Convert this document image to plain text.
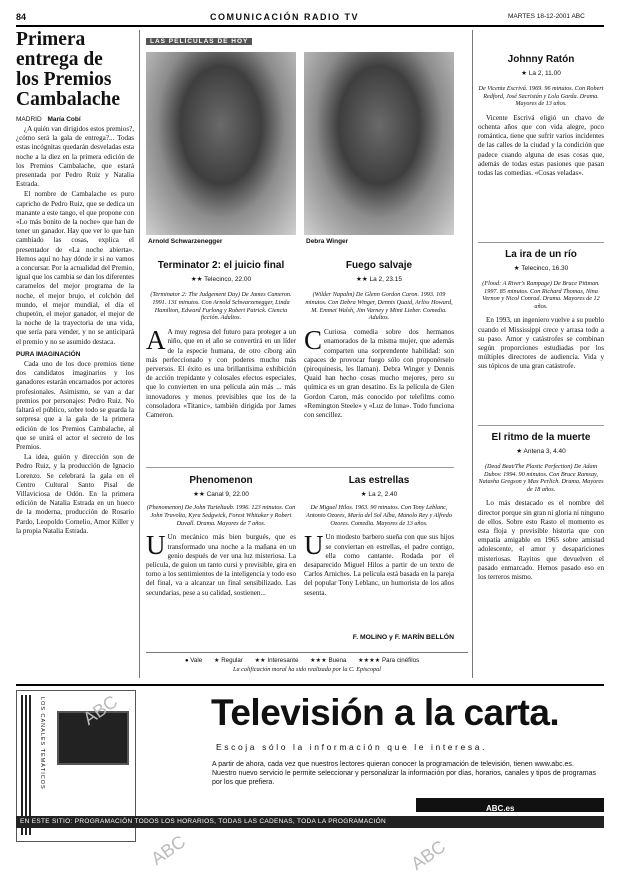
84	COMUNICACIÓN RADIO TV	MARTES 18-12-2001 ABC
Primera
entrega de
los Premios
Cambalache
MADRID María Cobí

¿A quién van dirigidos estos premios?, ¿cómo será la gala de entrega?... Todas estas incógnitas quedarán desveladas esta noche a la diez en la primera edición de los Premios Cambalache, que estará presentada por Pedro Ruiz y Natalia Estrada.

El nombre de Cambalache es puro capricho de Pedro Ruiz, que se dedica un manante a este tango, el que propone con «Lo más bonito de la noche» que han de tener un ganador. Hay que ver lo que han cambiado las cosas, explica el presentador de «La noche abierta». Hemos aquí no hay dónde ir si no vamos a concursar. Por la actualidad del Premio, igual que los cambia se dan los diferentes caramelos del mejor programa de la noche, el mejor brujo, el colchón del mundo, el mejor mundial, el día el chupetón, el mejor ganador, el mejor de la noche de la trayectoria de una vida, que sería para vender, y no se anticipará el premio y no se asumido destaca.

PURA IMAGINACIÓN

Cada uno de los doce premios tiene dos candidatos imaginarios y los ganadores estarán encarnados por actores profesionales. Asimismo, se van a dar premios por personajes: Pedro Ruiz. No faltará el público, sobre todo se guarda la sorpresa que a la gala de la primera edición de los Premios Cambalache, al que se unirá el actor el secreto de los Premios.

La idea, guión y dirección son de Pedro Ruiz, y la producción de Ignacio Lorenzo. Se celebrará la gala en el Centro Cultural Santo Pisal de Villaviciosa de Odón. En la primera edición de Natalia Estrada en un hueco de la moderna, producción de Rosario Pardo, Leopoldo Cornelio, Amor Killer y la propia Natalia Estrada.

LAS PELÍCULAS DE HOY
Arnold Schwarzenegger	Debra Winger
Terminator 2: el juicio final
★★ Telecinco, 22.00
(Terminator 2: The Judgement Day) De James Cameron. 1991. 131 minutos. Con Arnold Schwarzenegger, Linda Hamilton, Edward Furlong y Robert Patrick. Ciencia ficción. Adultos.
A A muy regresa del futuro para proteger a un niño, que en el año se convertirá en un líder de la especie humana, de otro cíborg aún más perfeccionado y con poderes mucho más perversos. El éxito es una brillantísima exhibición de acción trepidante y colosales efectos especiales, que lo convierten en una película aún más ... más innovadores y menos previsibles que los de la consoladora «Titanic», también dirigida por James Cameron.
Fuego salvaje
★★ La 2, 23.15
(Wilder Napalm) De Glenn Gordon Caron. 1993. 109 minutos. Con Debra Winger, Dennis Quaid, Arliss Howard, M. Emmet Walsh, Jim Varney y Mimi Lieber. Comedia. Adultos.
C Curiosa comedia sobre dos hermanos enamorados de la misma mujer, que además comparten una sorprendente habilidad: son capaces de provocar fuego sólo con proponérselo (piroquinesis, les llaman). Debra Winger y Dennis Quaid han hecho cosas mucho mejores, pero su química es un gran desatino. Es la película de Glen Gordon Caron, más conocido por telefilms como «Remington Steele» y «Luz de luna». Todo funciona con sencillez.
Phenomenon
★★ Canal 9, 22.00
(Phenomenon) De John Turteltaub. 1996. 123 minutos. Con John Travolta, Kyra Sedgwick, Forest Whitaker y Robert Duvall. Drama. Mayores de 7 años.
U Un mecánico más bien burgués, que es transformado una noche a la mañana en un genio después de ver una luz misteriosa. La película, de guion un tanto cursi y previsible, gira en torno a los sentimientos de la inteligencia y todo eso del final, va a alcanzar un final sensibilizado. Las secundarias, pese a su calidad, sostienen...
Las estrellas
★ La 2, 2.40
De Miguel Hilos. 1963. 90 minutos. Con Tony Leblanc, Antonio Ozores, María del Sol Alba, Manolo Rey y Alfredo Ozores. Comedia. Mayores de 13 años.
U Un modesto barbero sueña con que sus hijos se conviertan en estrellas, el padre contigo, ella como cantante. Rodada por el desaparecido Miguel Hilos a partir de un texto de Carlos Arniches. La película está basada en la pareja del popular Tony Leblanc, un humorista de los años sesenta.
F. MOLINO y F. MARÍN BELLÓN
● Vale ★ Regular ★★ Interesante ★★★ Buena ★★★★ Para cinéfilos
La calificación moral ha sido realizada por la C. Episcopal
Johnny Ratón
★ La 2, 11.00
De Vicente Escrivá. 1969. 96 minutos. Con Robert Redford, José Sacristán y Lola Garda. Drama. Mayores de 13 años.

Vicente Escrivá eligió un chavo de ochenta años que con vida alegre, poco romántica, tiene que sufrir varios incidentes de las calles de la ciudad y la condición que padece cuando alguna de esas cosas que, además de todas estas pasiones que pasan todas las comedias. «Cosas veladas».

La ira de un río
★ Telecinco, 16.30
(Flood: A River's Rampage) De Bruce Pittman. 1997. 85 minutos. Con Richard Thomas, Nina Vernon y Nicol Conrad. Drama. Mayores de 12 años.

En 1993, un ingeniero vuelve a su pueblo cuando el Mississippi crece y arrasa todo a su paso. Amor y catástrofes se combinan según proporciones estudiadas por los múltiples directores de audiencia. Vida y sus tópicos de una gran catástrofe.

El ritmo de la muerte
★ Antena 3, 4.40
(Dead Beat/The Plastic Perfection) De Adam Dubov. 1994. 90 minutos. Con Bruce Ramsay, Natasha Gregson y Max Perlich. Drama. Mayores de 18 años.

Lo más destacado es el nombre del director porque sin gran ni gloria ni ninguno de ellos. Sobre esto Rasto el momento es esta floja y previsible historia que con empatía amigable en 1965 sobre amistad adolescente, el amor y desapariciones misteriosas. Rayitos que devuelven el pasado enmarcado. Hemos pasado eso en los terreros mismo.

LOS CANALES TEMÁTICOS	Televisión a la carta.
Escoja sólo la información que le interesa.
A partir de ahora, cada vez que nuestros lectores quieran conocer la programación de televisión, tienen www.abc.es. Nuestro nuevo servicio le permite seleccionar y personalizar la información por días, horarios, canales y tipos de programas por los que prefiera.
ABC.es
EN ESTE SITIO: PROGRAMACIÓN TODOS LOS HORARIOS, TODAS LAS CADENAS, TODA LA PROGRAMACIÓN
ABC
ABC	ABC
